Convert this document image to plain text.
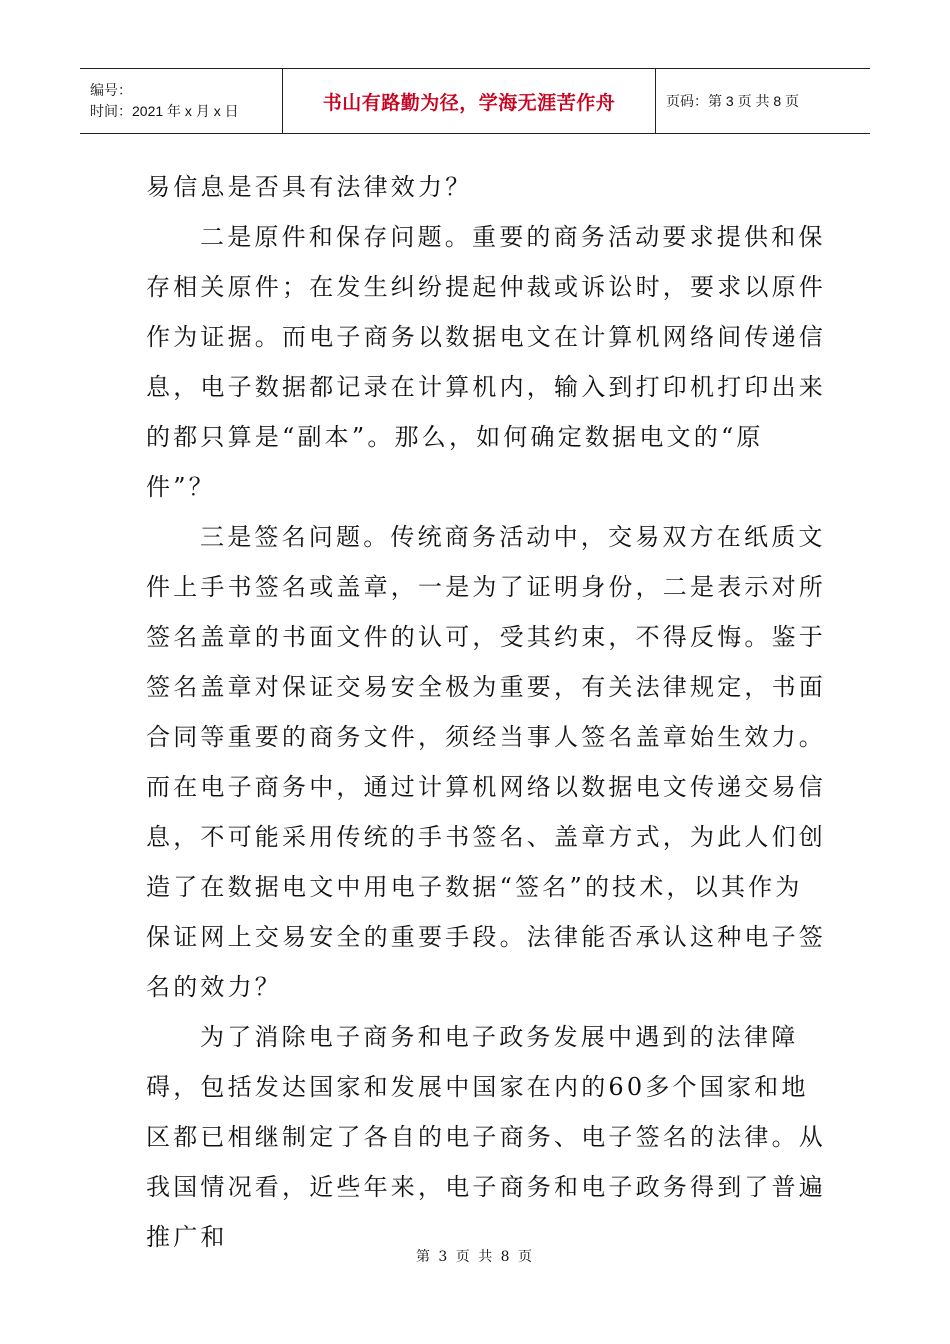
编号：
时间：2021 年 x 月 x 日	书山有路勤为径，学海无涯苦作舟	页码：第 3 页 共 8 页

易信息是否具有法律效力？

二是原件和保存问题。重要的商务活动要求提供和保存相关原件；在发生纠纷提起仲裁或诉讼时，要求以原件作为证据。而电子商务以数据电文在计算机网络间传递信息，电子数据都记录在计算机内，输入到打印机打印出来的都只算是“副本”。那么，如何确定数据电文的“原件”？

三是签名问题。传统商务活动中，交易双方在纸质文件上手书签名或盖章，一是为了证明身份，二是表示对所签名盖章的书面文件的认可，受其约束，不得反悔。鉴于签名盖章对保证交易安全极为重要，有关法律规定，书面合同等重要的商务文件，须经当事人签名盖章始生效力。而在电子商务中，通过计算机网络以数据电文传递交易信息，不可能采用传统的手书签名、盖章方式，为此人们创造了在数据电文中用电子数据“签名”的技术，以其作为保证网上交易安全的重要手段。法律能否承认这种电子签名的效力？

为了消除电子商务和电子政务发展中遇到的法律障碍，包括发达国家和发展中国家在内的60多个国家和地区都已相继制定了各自的电子商务、电子签名的法律。从我国情况看，近些年来，电子商务和电子政务得到了普遍推广和

第 3 页 共 8 页
